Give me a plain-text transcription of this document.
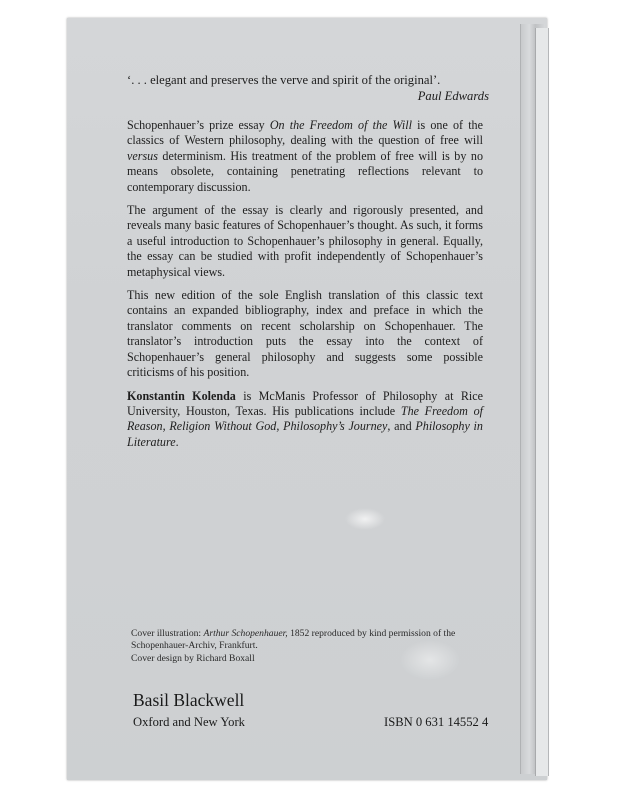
‘. . . elegant and preserves the verve and spirit of the original’.
Paul Edwards

Schopenhauer’s prize essay On the Freedom of the Will is one of the classics of Western philosophy, dealing with the question of free will versus determinism. His treatment of the problem of free will is by no means obsolete, containing penetrating reflections relevant to contemporary discussion.

The argument of the essay is clearly and rigorously presented, and reveals many basic features of Schopenhauer’s thought. As such, it forms a useful introduction to Schopenhauer’s philosophy in general. Equally, the essay can be studied with profit independently of Schopenhauer’s metaphysical views.

This new edition of the sole English translation of this classic text contains an expanded bibliography, index and preface in which the translator comments on recent scholarship on Schopenhauer. The translator’s introduction puts the essay into the context of Schopenhauer’s general philosophy and suggests some possible criticisms of his position.

Konstantin Kolenda is McManis Professor of Philosophy at Rice University, Houston, Texas. His publications include The Freedom of Reason, Religion Without God, Philosophy’s Journey, and Philosophy in Literature.

Cover illustration: Arthur Schopenhauer, 1852 reproduced by kind permission of the Schopenhauer-Archiv, Frankfurt.
Cover design by Richard Boxall
Basil Blackwell
Oxford and New York	ISBN 0 631 14552 4
